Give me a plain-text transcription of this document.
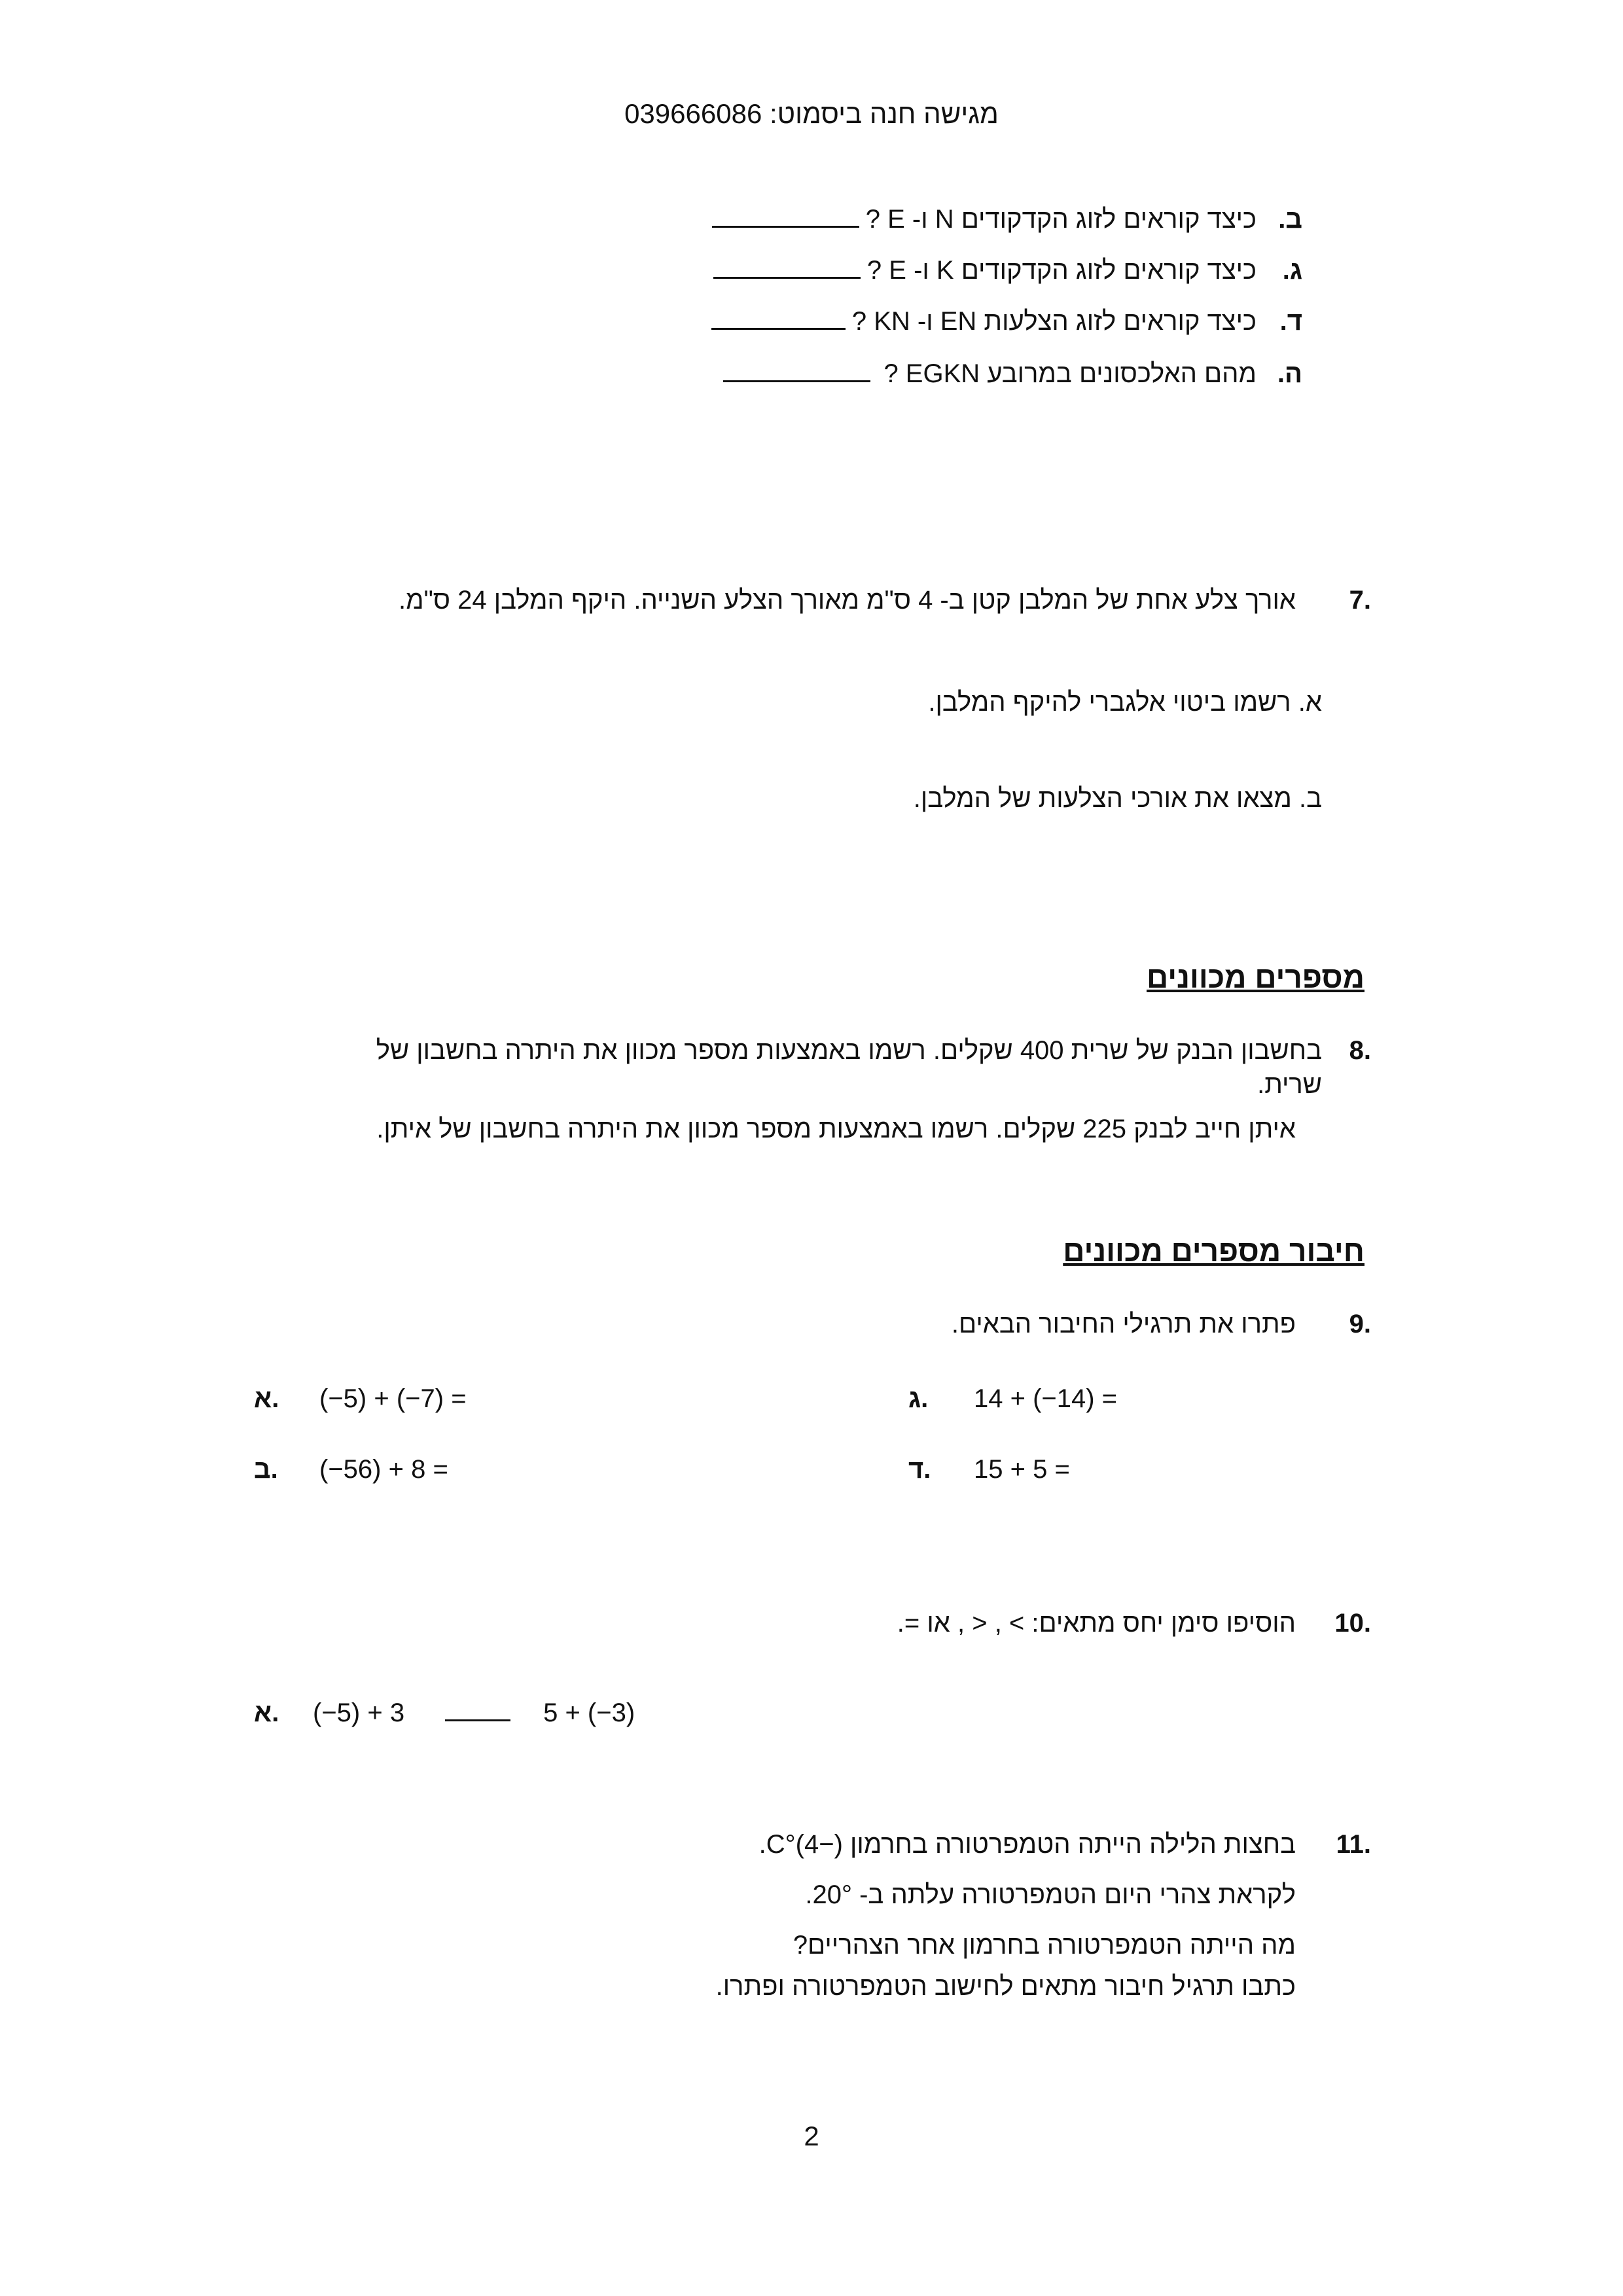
מגישה חנה ביסמוט: 039666086
ב.
כיצד קוראים לזוג הקדקודים N ו- E ?
ג.
כיצד קוראים לזוג הקדקודים K ו- E ?
ד.
כיצד קוראים לזוג הצלעות EN ו- KN ?
ה.
מהם האלכסונים במרובע EGKN ?
7.
אורך צלע אחת של המלבן קטן ב- 4 ס"מ מאורך הצלע השנייה. היקף המלבן 24 ס"מ.
א. רשמו ביטוי אלגברי להיקף המלבן.
ב. מצאו את אורכי הצלעות של המלבן.
מספרים מכוונים
8.
בחשבון הבנק של שרית 400 שקלים. רשמו באמצעות מספר מכוון את היתרה בחשבון של
שרית.
איתן חייב לבנק 225 שקלים. רשמו באמצעות מספר מכוון את היתרה בחשבון של איתן.
חיבור מספרים מכוונים
9.
פתרו את תרגילי החיבור הבאים.
א.	(−5) + (−7) =
ב.	(−56) + 8 =
ג.	14 + (−14) =
ד.	15 + 5 =
10.
הוסיפו סימן יחס מתאים: > , < , או =.
א.	(−5) + 3	5 + (−3)
11.
בחצות הלילה הייתה הטמפרטורה בחרמון C°(4−).
לקראת צהרי היום הטמפרטורה עלתה ב- 20°.
מה הייתה הטמפרטורה בחרמון אחר הצהריים?
כתבו תרגיל חיבור מתאים לחישוב הטמפרטורה ופתרו.
2
